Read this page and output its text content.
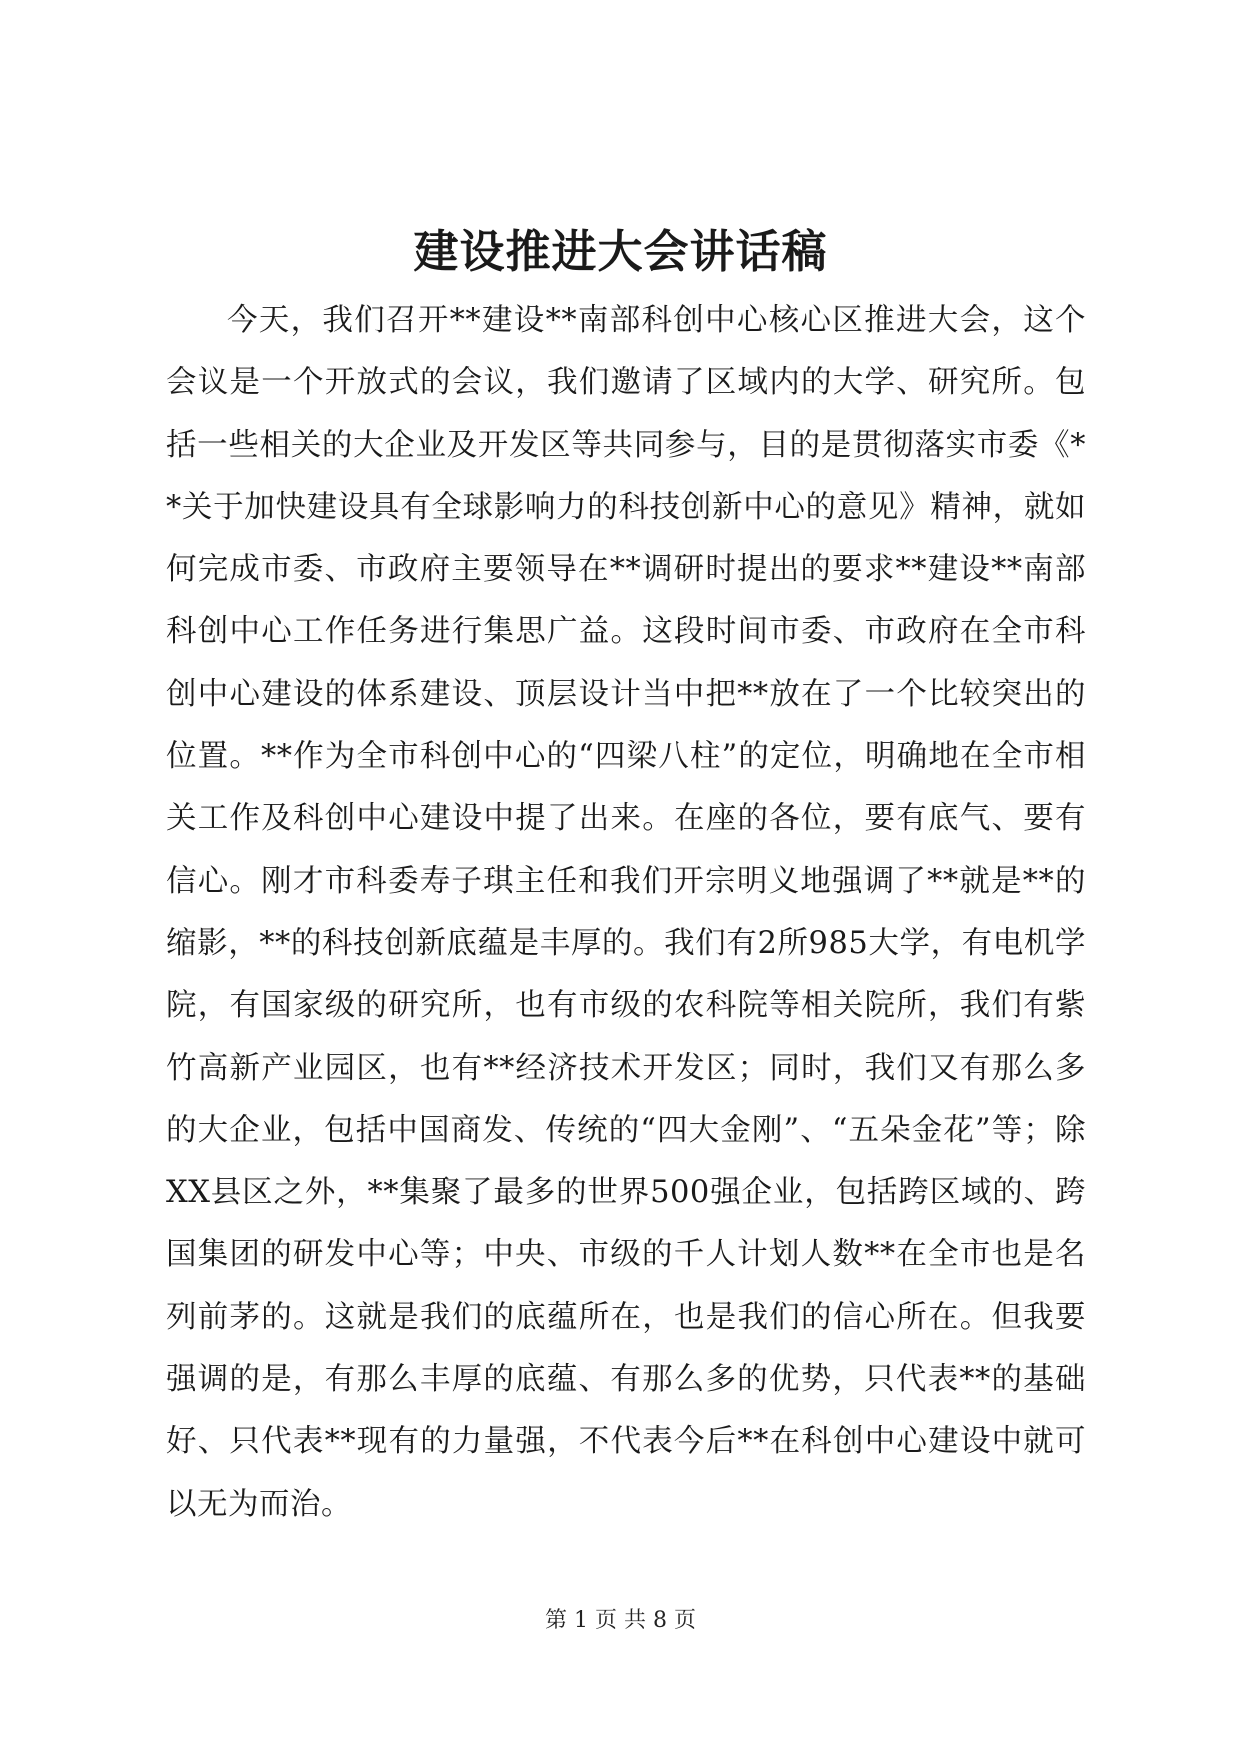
建设推进大会讲话稿

今天，我们召开**建设**南部科创中心核心区推进大会，这个会议是一个开放式的会议，我们邀请了区域内的大学、研究所。包括一些相关的大企业及开发区等共同参与，目的是贯彻落实市委《**关于加快建设具有全球影响力的科技创新中心的意见》精神，就如何完成市委、市政府主要领导在**调研时提出的要求**建设**南部科创中心工作任务进行集思广益。这段时间市委、市政府在全市科创中心建设的体系建设、顶层设计当中把**放在了一个比较突出的位置。**作为全市科创中心的“四梁八柱”的定位，明确地在全市相关工作及科创中心建设中提了出来。在座的各位，要有底气、要有信心。刚才市科委寿子琪主任和我们开宗明义地强调了**就是**的缩影，**的科技创新底蕴是丰厚的。我们有2所985大学，有电机学院，有国家级的研究所，也有市级的农科院等相关院所，我们有紫竹高新产业园区，也有**经济技术开发区；同时，我们又有那么多的大企业，包括中国商发、传统的“四大金刚”、“五朵金花”等；除XX县区之外，**集聚了最多的世界500强企业，包括跨区域的、跨国集团的研发中心等；中央、市级的千人计划人数**在全市也是名列前茅的。这就是我们的底蕴所在，也是我们的信心所在。但我要强调的是，有那么丰厚的底蕴、有那么多的优势，只代表**的基础好、只代表**现有的力量强，不代表今后**在科创中心建设中就可以无为而治。

第 1 页 共 8 页
